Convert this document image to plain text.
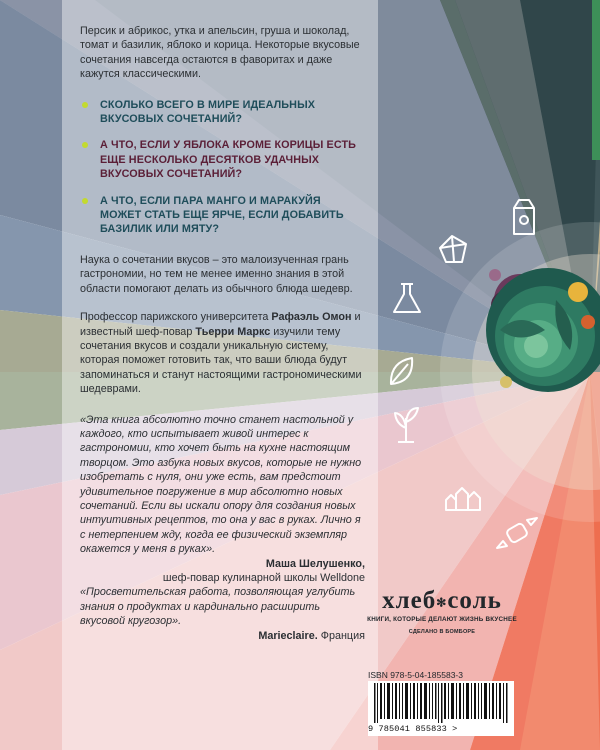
Персик и абрикос, утка и апельсин, груша и шоколад, томат и базилик, яблоко и корица. Некоторые вкусовые сочетания навсегда остаются в фаворитах и даже кажутся классическими.

СКОЛЬКО ВСЕГО В МИРЕ ИДЕАЛЬНЫХ ВКУСОВЫХ СОЧЕТАНИЙ?
А ЧТО, ЕСЛИ У ЯБЛОКА КРОМЕ КОРИЦЫ ЕСТЬ ЕЩЕ НЕСКОЛЬКО ДЕСЯТКОВ УДАЧНЫХ ВКУСОВЫХ СОЧЕТАНИЙ?
А ЧТО, ЕСЛИ ПАРА МАНГО И МАРАКУЙЯ МОЖЕТ СТАТЬ ЕЩЕ ЯРЧЕ, ЕСЛИ ДОБАВИТЬ БАЗИЛИК ИЛИ МЯТУ?

Наука о сочетании вкусов – это малоизученная грань гастрономии, но тем не менее именно знания в этой области помогают делать из обычного блюда шедевр.

Профессор парижского университета Рафаэль Омон и известный шеф-повар Тьерри Маркс изучили тему сочетания вкусов и создали уникальную систему, которая поможет готовить так, что ваши блюда будут запоминаться и станут настоящими гастрономическими шедеврами.

«Эта книга абсолютно точно станет настольной у каждого, кто испытывает живой интерес к гастрономии, кто хочет быть на кухне настоящим творцом. Это азбука новых вкусов, которые не нужно изобретать с нуля, они уже есть, вам предстоит удивительное погружение в мир абсолютно новых сочетаний. Если вы искали опору для создания новых интуитивных рецептов, то она у вас в руках. Лично я с нетерпением жду, когда ее физический экземпляр окажется у меня в руках».

Маша Шелушенко,

шеф-повар кулинарной школы Welldone

«Просветительская работа, позволяющая углубить знания о продуктах и кардинально расширить вкусовой кругозор».

Marieclaire. Франция

хлеб✻соль
КНИГИ, КОТОРЫЕ ДЕЛАЮТ ЖИЗНЬ ВКУСНЕЕ
СДЕЛАНО В БОМБОРЕ
ISBN 978-5-04-185583-3
9 785041 855833 >
